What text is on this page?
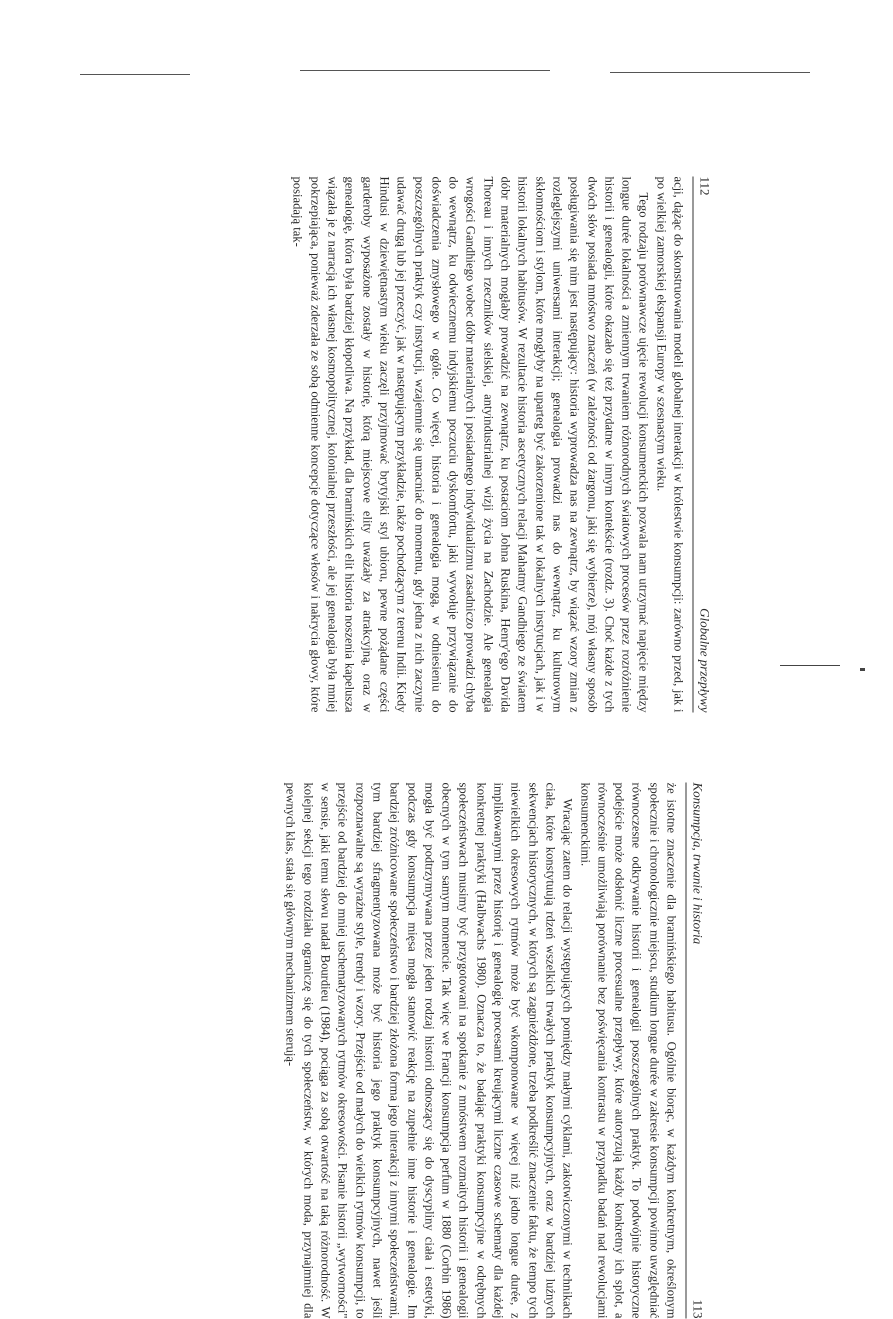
112
Globalne przepływy

acji, dążąc do skonstruowania modeli globalnej interakcji w królestwie konsumpcji: zarówno przed, jak i po wielkiej zamorskiej ekspansji Europy w szesnastym wieku.

Tego rodzaju porównawcze ujęcie rewolucji konsumenckich pozwala nam utrzymać napięcie między longue durée lokalności a zmiennym trwaniem różnorodnych światowych procesów przez rozróżnienie historii i genealogii, które okazało się też przydatne w innym kontekście (rozdz. 3). Choć każde z tych dwóch słów posiada mnóstwo znaczeń (w zależności od żargonu, jaki się wybierze), mój własny sposób posługiwania się nim jest następujący: historia wyprowadza nas na zewnątrz, by wiązać wzory zmian z rozleglejszymi uniwersami interakcji; genealogia prowadzi nas do wewnątrz, ku kulturowym skłonnościom i stylom, które mogłyby na uparteg być zakorzenione tak w lokalnych instytucjach, jak i w historii lokalnych habitusów. W rezultacie historia ascetycznych relacji Mahatmy Gandhiego ze światem dóbr materialnych mogłaby prowadzić na zewnątrz, ku postaciom Johna Ruskina, Henry'ego Davida Thoreau i innych rzeczników sielskiej, antyindustrialnej wizji życia na Zachodzie. Ale genealogia wrogości Gandhiego wobec dóbr materialnych i posiadanego indywidualizmu zasadniczo prowadzi chyba do wewnątrz, ku odwiecznemu indyjskiemu poczuciu dyskomfortu, jaki wywołuje przywiązanie do doświadczenia zmysłowego w ogóle. Co więcej, historia i genealogia mogą, w odniesieniu do poszczególnych praktyk czy instytucji, wzajemnie się umacniać do momentu, gdy jedna z nich zaczynie udawać drugą lub jej przeczyć, jak w następującym przykładzie, także pochodzącym z terenu Indii. Kiedy Hindusi w dziewiętnastym wieku zaczęli przyjmować brytyjski styl ubioru, pewne pożądane części garderoby wyposażone zostały w historię, którą miejscowe elity uważały za atrakcyjną, oraz w genealogię, która była bardziej kłopotliwa. Na przykład, dla bramińskich elit historia noszenia kapelusza wiązała je z narracją ich własnej kosmopolitycznej, kolonialnej przeszłości, ale jej genealogia była mniej pokrzepiająca, ponieważ zderzała ze sobą odmienne koncepcje dotyczące włosów i nakrycia głowy, które posiadają tak-

Konsumpcja, trwanie i historia
113

że istotne znaczenie dla bramińskiego habitusu. Ogólnie biorąc, w każdym konkretnym, określonym społecznie i chronologicznie miejscu, studium longue durée w zakresie konsumpcji powinno uwzględniać równoczesne odkrywanie historii i genealogii poszczególnych praktyk. To podwójnie historyczne podejście może odsłonić liczne procesualne przepływy, które autoryzują każdy konkretny ich splot, a równocześnie umożliwiają porównanie bez poświęcania kontrastu w przypadku badań nad rewolucjami konsumenckimi.

Wracając zatem do relacji występujących pomiędzy małymi cyklami, zakotwiczonymi w technikach ciała, które konstytuują rdzeń wszelkich trwałych praktyk konsumpcyjnych, oraz w bardziej luźnych sekwencjach historycznych, w których są zagnieżdżone, trzeba podkreślić znaczenie faktu, że tempo tych niewielkich okresowych rytmów może być wkomponowane w więcej niż jedno longue durée, z implikowanymi przez historię i genealogię procesami kreującymi liczne czasowe schematy dla każdej konkretnej praktyki (Halbwachs 1980). Oznacza to, że badając praktyki konsumpcyjne w odrębnych społeczeństwach musimy być przygotowani na spotkanie z mnóstwem rozmaitych historii i genealogii obecnych w tym samym momencie. Tak więc we Francji konsumpcja perfum w 1880 (Corbin 1986) mogła być podtrzymywana przez jeden rodzaj historii odnoszący się do dyscypliny ciała i estetyki, podczas gdy konsumpcja mięsa mogła stanowić reakcję na zupełnie inne historie i genealogie. Im bardziej zróżnicowane społeczeństwo i bardziej złożona forma jego interakcji z innymi społeczeństwami, tym bardziej sfragmentyzowana może być historia jego praktyk konsumpcyjnych, nawet jeśli rozpoznawalne są wyraźne style, trendy i wzory. Przejście od małych do wielkich rytmów konsumpcji, to przejście od bardziej do mniej uschematyzowanych rytmów okresowości. Pisanie historii „wytworności" w sensie, jaki temu słowu nadał Bourdieu (1984), pociąga za sobą otwartość na taką różnorodność. W kolejnej sekcji tego rozdziału ograniczę się do tych społeczeństw, w których moda, przynajmniej dla pewnych klas, stała się głównym mechanizmem sterują-
